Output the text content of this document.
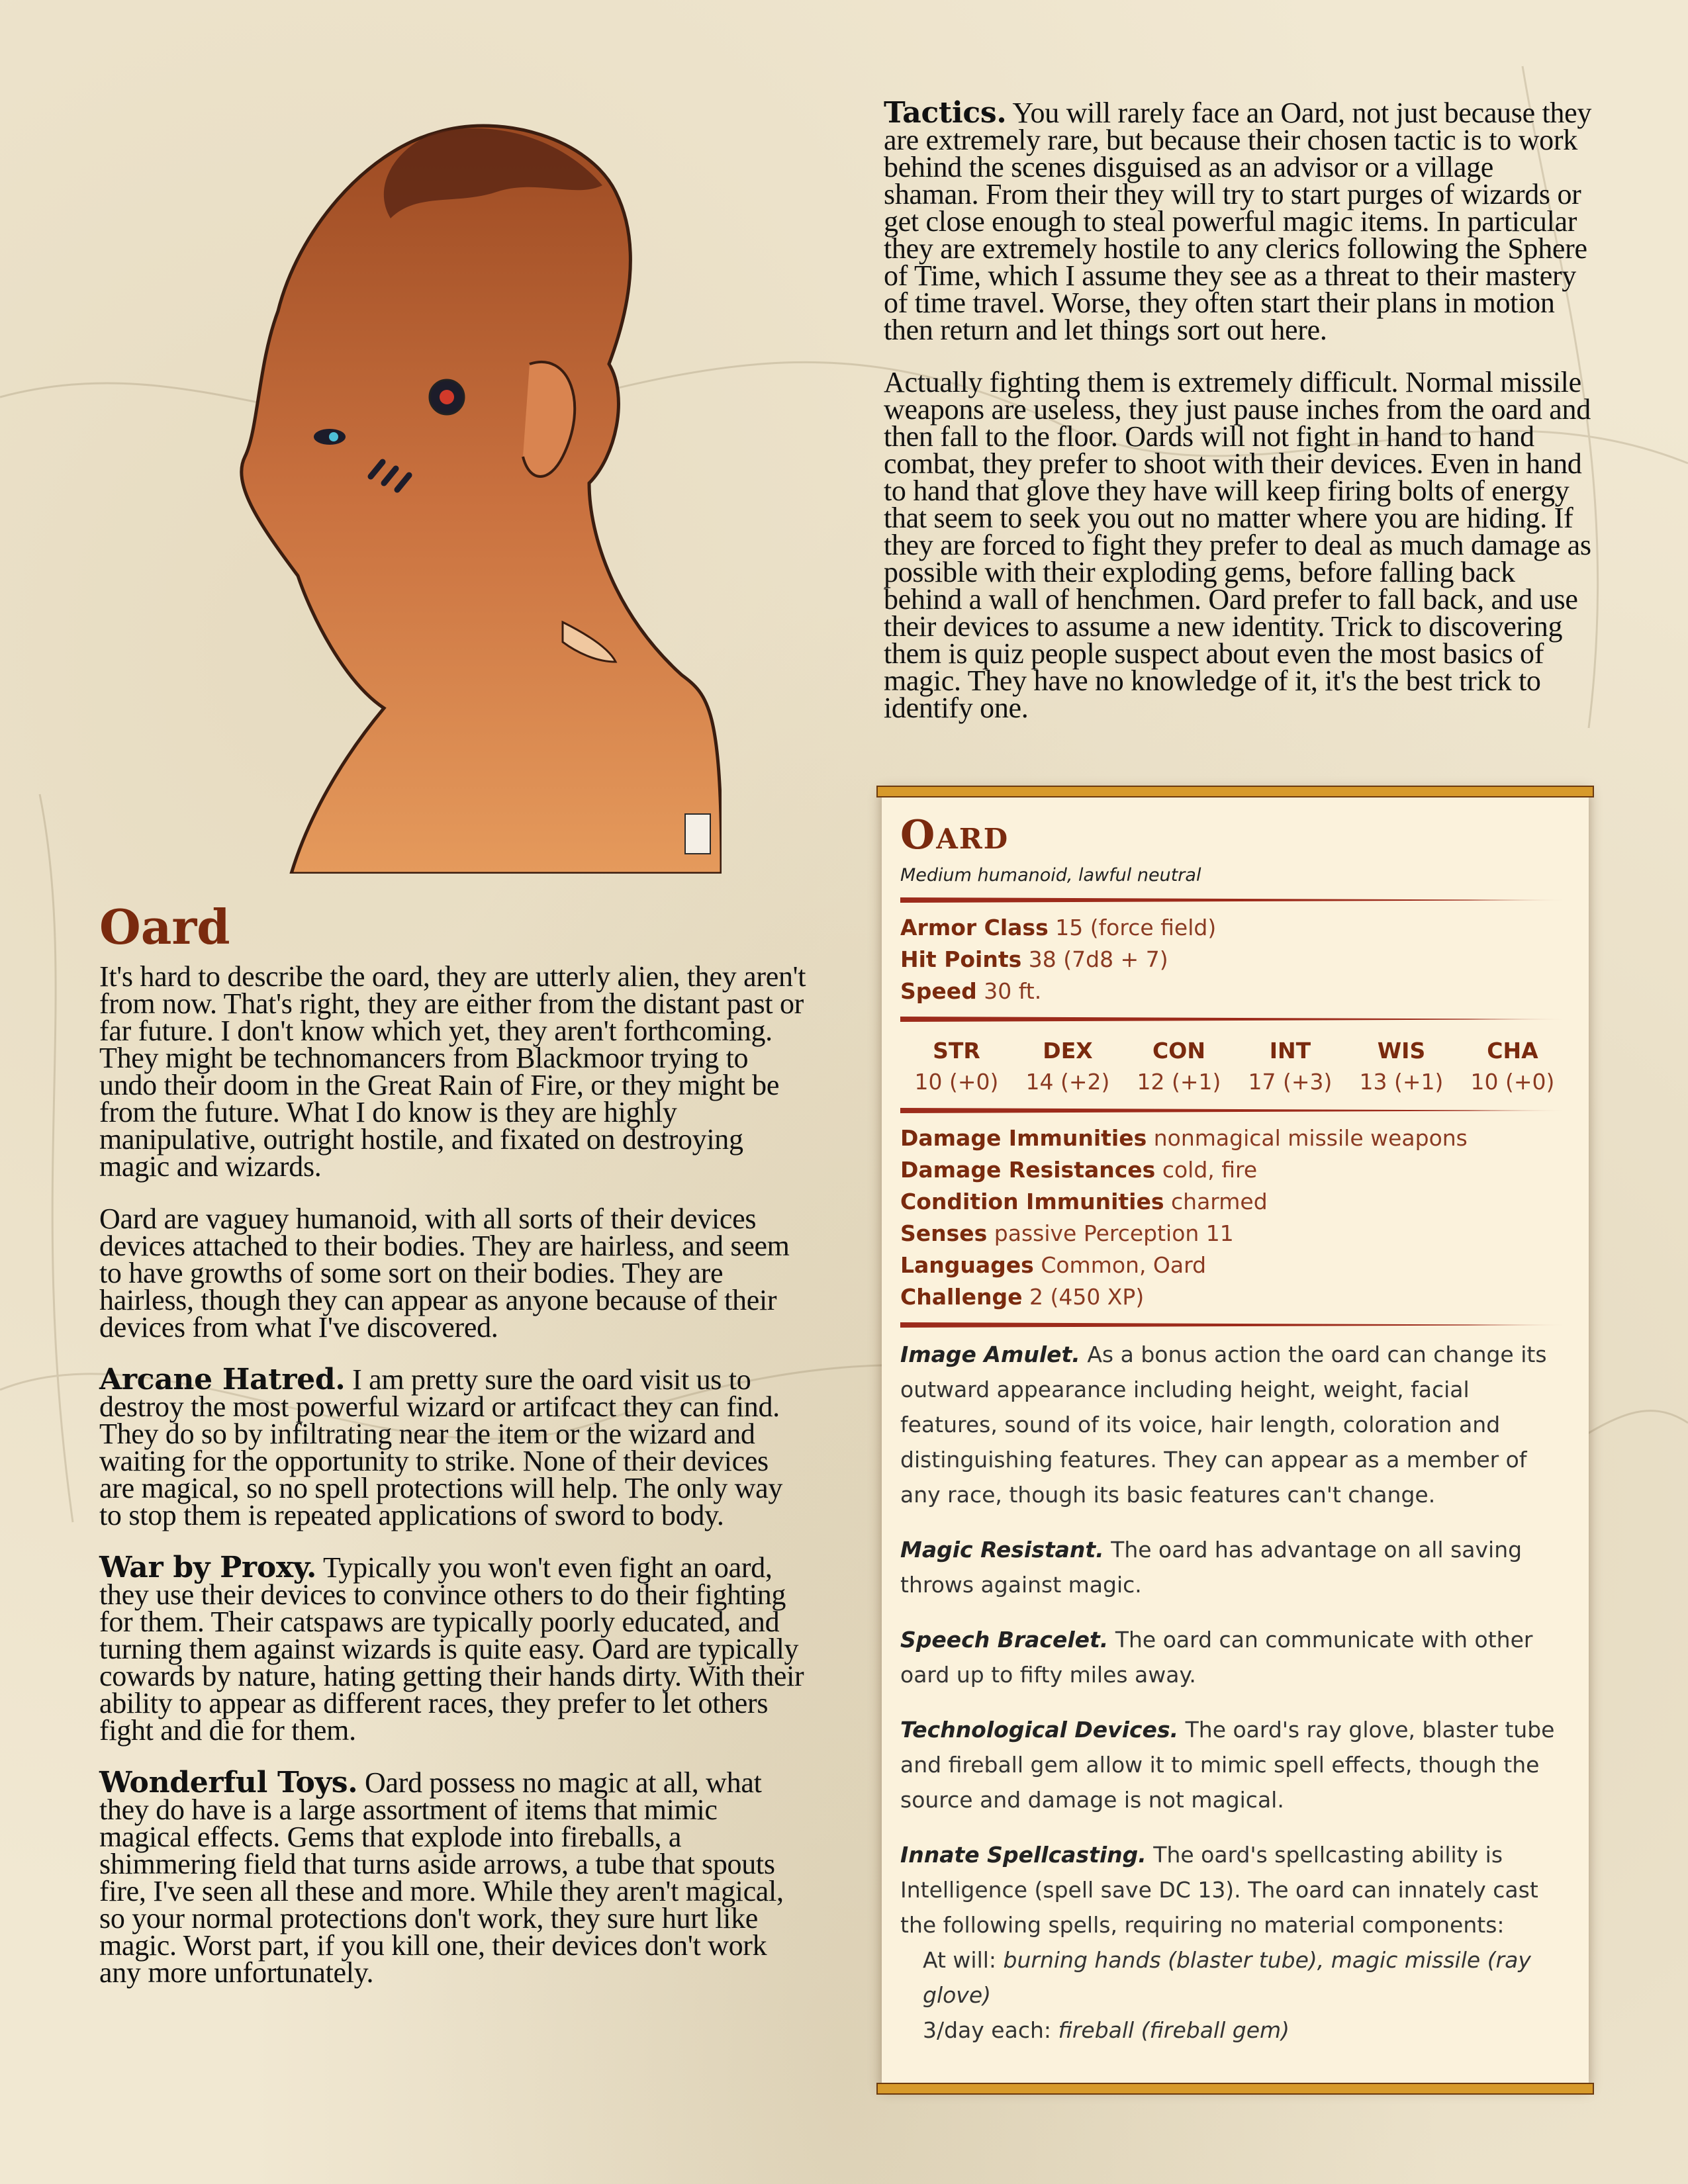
Oard

It's hard to describe the oard, they are utterly alien, they aren't from now. That's right, they are either from the distant past or far future. I don't know which yet, they aren't forthcoming. They might be technomancers from Blackmoor trying to undo their doom in the Great Rain of Fire, or they might be from the future. What I do know is they are highly manipulative, outright hostile, and fixated on destroying magic and wizards.

Oard are vaguey humanoid, with all sorts of their devices devices attached to their bodies. They are hairless, and seem to have growths of some sort on their bodies. They are hairless, though they can appear as anyone because of their devices from what I've discovered.

Arcane Hatred. I am pretty sure the oard visit us to destroy the most powerful wizard or artifcact they can find. They do so by infiltrating near the item or the wizard and waiting for the opportunity to strike. None of their devices are magical, so no spell protections will help. The only way to stop them is repeated applications of sword to body.

War by Proxy. Typically you won't even fight an oard, they use their devices to convince others to do their fighting for them. Their catspaws are typically poorly educated, and turning them against wizards is quite easy. Oard are typically cowards by nature, hating getting their hands dirty. With their ability to appear as different races, they prefer to let others fight and die for them.

Wonderful Toys. Oard possess no magic at all, what they do have is a large assortment of items that mimic magical effects. Gems that explode into fireballs, a shimmering field that turns aside arrows, a tube that spouts fire, I've seen all these and more. While they aren't magical, so your normal protections don't work, they sure hurt like magic. Worst part, if you kill one, their devices don't work any more unfortunately.

Tactics. You will rarely face an Oard, not just because they are extremely rare, but because their chosen tactic is to work behind the scenes disguised as an advisor or a village shaman. From their they will try to start purges of wizards or get close enough to steal powerful magic items. In particular they are extremely hostile to any clerics following the Sphere of Time, which I assume they see as a threat to their mastery of time travel. Worse, they often start their plans in motion then return and let things sort out here.

Actually fighting them is extremely difficult. Normal missile weapons are useless, they just pause inches from the oard and then fall to the floor. Oards will not fight in hand to hand combat, they prefer to shoot with their devices. Even in hand to hand that glove they have will keep firing bolts of energy that seem to seek you out no matter where you are hiding. If they are forced to fight they prefer to deal as much damage as possible with their exploding gems, before falling back behind a wall of henchmen. Oard prefer to fall back, and use their devices to assume a new identity. Trick to discovering them is quiz people suspect about even the most basics of magic. They have no knowledge of it, it's the best trick to identify one.

Oard
Medium humanoid, lawful neutral
Armor Class 15 (force field)
Hit Points 38 (7d8 + 7)
Speed 30 ft.
STR
10 (+0)
DEX
14 (+2)
CON
12 (+1)
INT
17 (+3)
WIS
13 (+1)
CHA
10 (+0)
Damage Immunities nonmagical missile weapons
Damage Resistances cold, fire
Condition Immunities charmed
Senses passive Perception 11
Languages Common, Oard
Challenge 2 (450 XP)

Image Amulet. As a bonus action the oard can change its outward appearance including height, weight, facial features, sound of its voice, hair length, coloration and distinguishing features. They can appear as a member of any race, though its basic features can't change.

Magic Resistant. The oard has advantage on all saving throws against magic.

Speech Bracelet. The oard can communicate with other oard up to fifty miles away.

Technological Devices. The oard's ray glove, blaster tube and fireball gem allow it to mimic spell effects, though the source and damage is not magical.

Innate Spellcasting. The oard's spellcasting ability is Intelligence (spell save DC 13). The oard can innately cast the following spells, requiring no material components:

At will: burning hands (blaster tube), magic missile (ray glove)
3/day each: fireball (fireball gem)
